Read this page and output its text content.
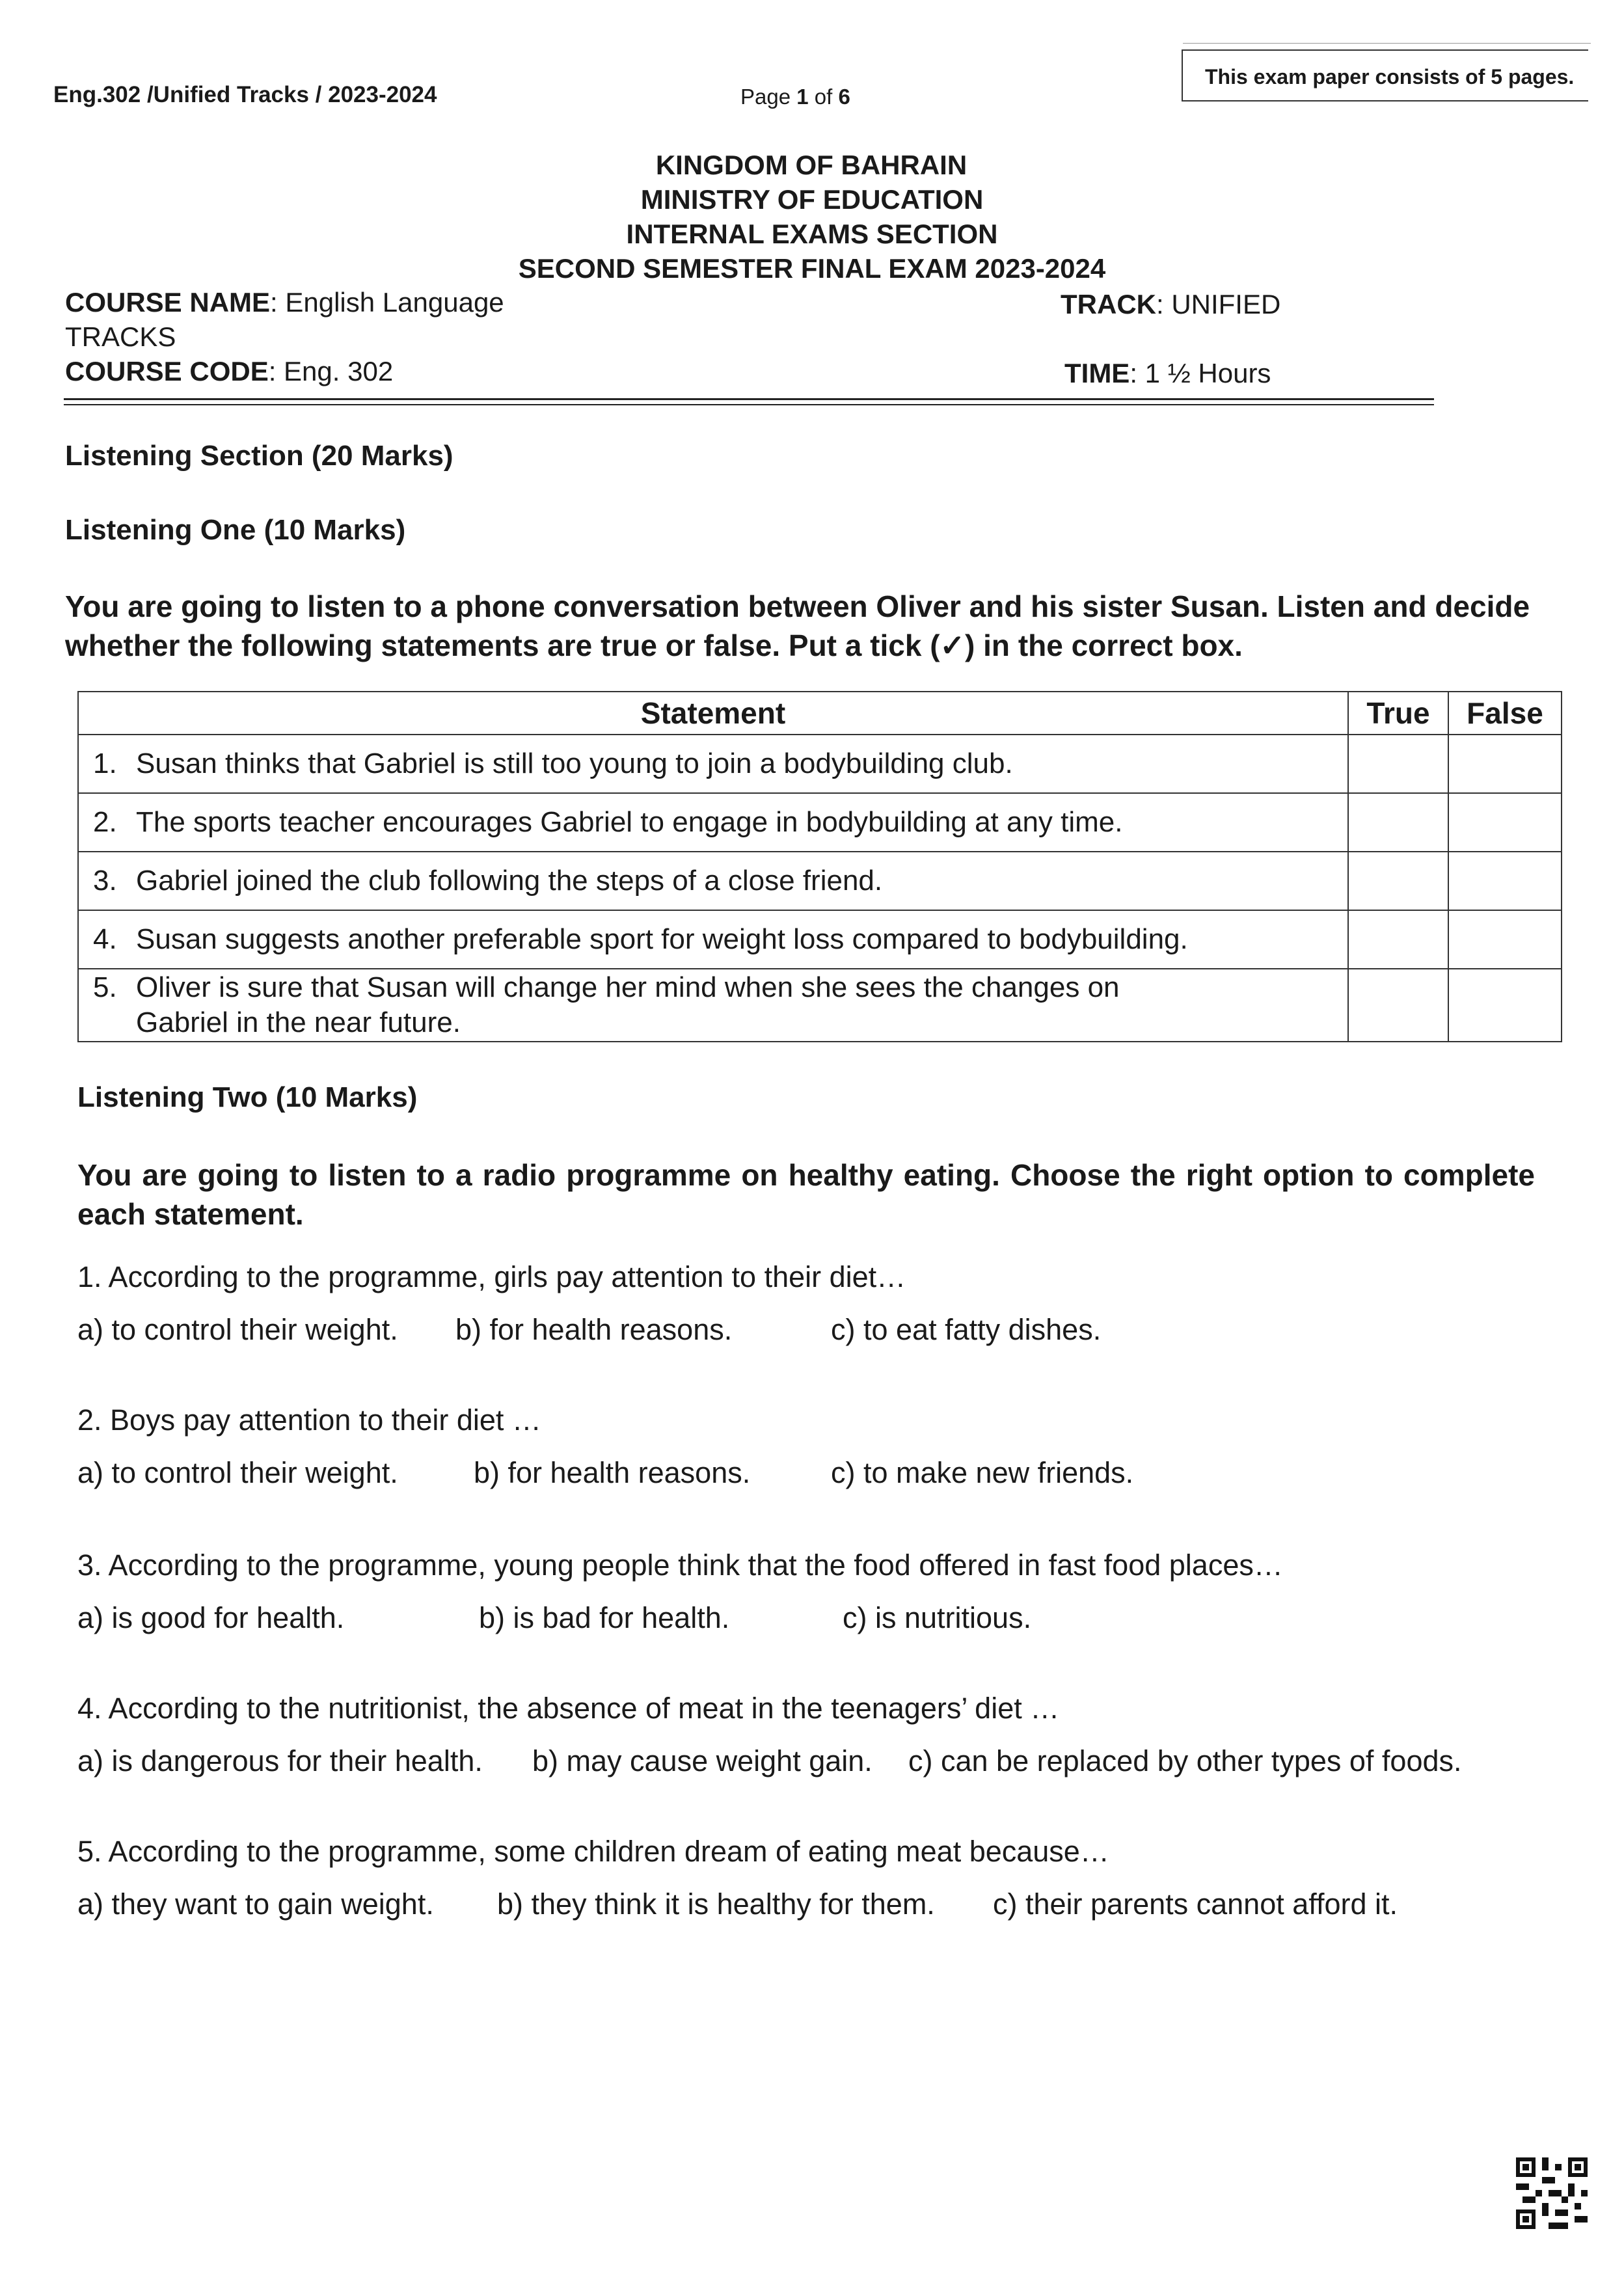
Eng.302 /Unified Tracks / 2023-2024	Page 1 of 6
This exam paper consists of 5 pages.
KINGDOM OF BAHRAIN
MINISTRY OF EDUCATION
INTERNAL EXAMS SECTION
SECOND SEMESTER FINAL EXAM 2023-2024
COURSE NAME: English Language
TRACKS
COURSE CODE: Eng. 302
TRACK: UNIFIED
TIME: 1 ½ Hours
Listening Section (20 Marks)
Listening One (10 Marks)
You are going to listen to a phone conversation between Oliver and his sister Susan. Listen and decide whether the following statements are true or false. Put a tick (✓) in the correct box.
Statement	True	False
1. Susan thinks that Gabriel is still too young to join a bodybuilding club.		
2. The sports teacher encourages Gabriel to engage in bodybuilding at any time.		
3. Gabriel joined the club following the steps of a close friend.		
4. Susan suggests another preferable sport for weight loss compared to bodybuilding.		
5. Oliver is sure that Susan will change her mind when she sees the changes on
Gabriel in the near future.		
Listening Two (10 Marks)
You are going to listen to a radio programme on healthy eating. Choose the right option to complete each statement.
1. According to the programme, girls pay attention to their diet…
a) to control their weight. b) for health reasons.	c) to eat fatty dishes.
2. Boys pay attention to their diet …
a) to control their weight.	b) for health reasons.	c) to make new friends.
3. According to the programme, young people think that the food offered in fast food places…
a) is good for health.	b) is bad for health.	c) is nutritious.
4. According to the nutritionist, the absence of meat in the teenagers’ diet …
a) is dangerous for their health. b) may cause weight gain. c) can be replaced by other types of foods.
5. According to the programme, some children dream of eating meat because…
a) they want to gain weight. b) they think it is healthy for them. c) their parents cannot afford it.
